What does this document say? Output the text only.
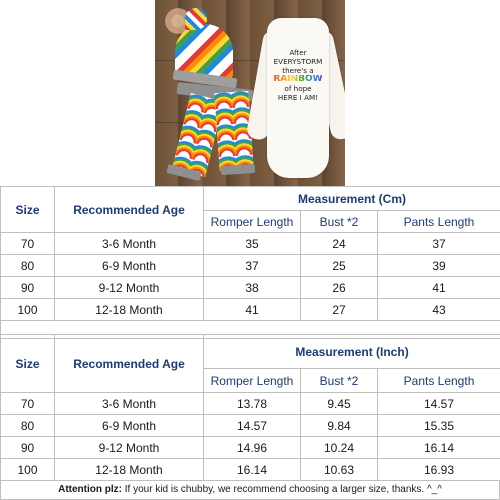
After
EVERYSTORM
there's a
RAINBOW
of hope
HERE I AM!
Size	Recommended Age	Measurement (Cm)		
		Romper Length	Bust *2	Pants Length
70	3-6 Month	35	24	37
80	6-9 Month	37	25	39
90	9-12 Month	38	26	41
100	12-18 Month	41	27	43

Size	Recommended Age	Measurement (Inch)		
		Romper Length	Bust *2	Pants Length
70	3-6 Month	13.78	9.45	14.57
80	6-9 Month	14.57	9.84	15.35
90	9-12 Month	14.96	10.24	16.14
100	12-18 Month	16.14	10.63	16.93
Attention plz: If your kid is chubby, we recommend choosing a larger size, thanks. ^_^
